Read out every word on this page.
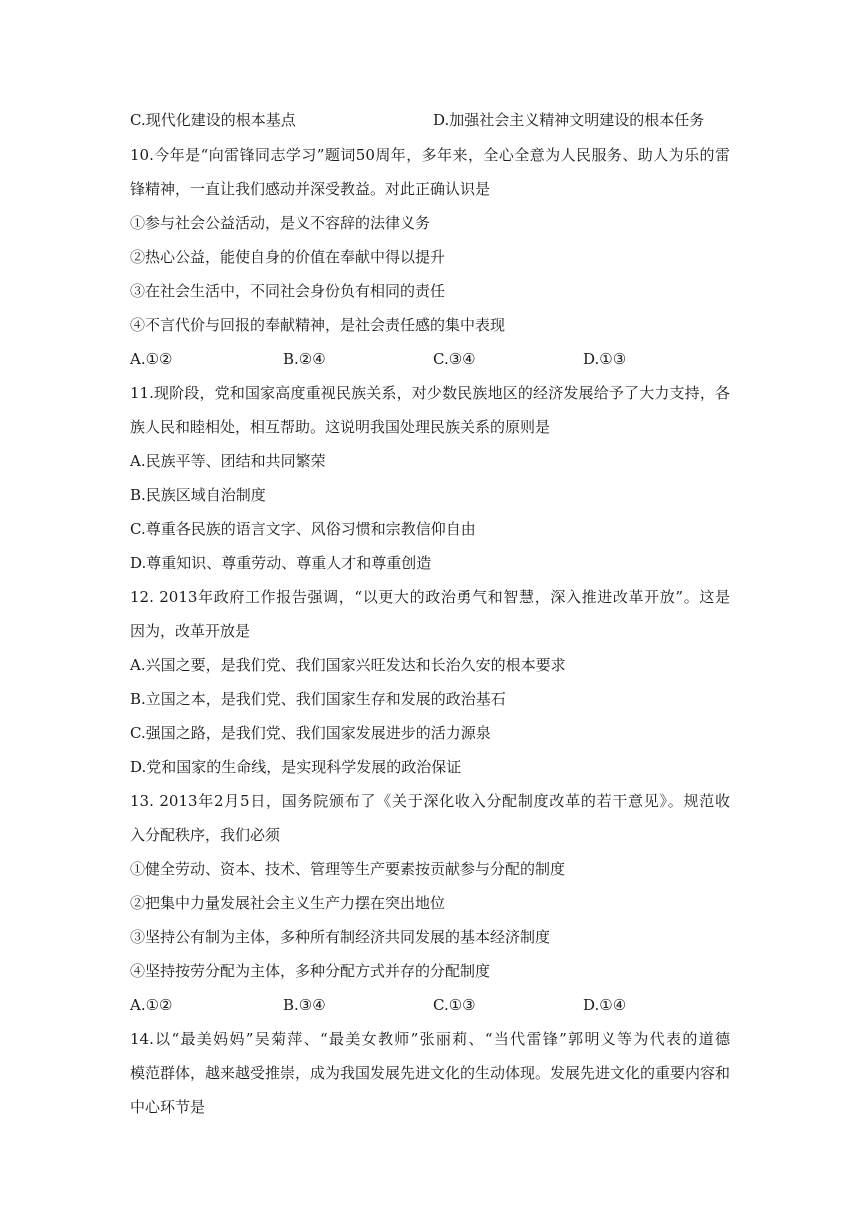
C.现代化建设的根本基点	D.加强社会主义精神文明建设的根本任务
10.今年是“向雷锋同志学习”题词50周年，多年来，全心全意为人民服务、助人为乐的雷
锋精神，一直让我们感动并深受教益。对此正确认识是
①参与社会公益活动，是义不容辞的法律义务
②热心公益，能使自身的价值在奉献中得以提升
③在社会生活中，不同社会身份负有相同的责任
④不言代价与回报的奉献精神，是社会责任感的集中表现
A.①②	B.②④	C.③④	D.①③
11.现阶段，党和国家高度重视民族关系，对少数民族地区的经济发展给予了大力支持，各
族人民和睦相处，相互帮助。这说明我国处理民族关系的原则是
A.民族平等、团结和共同繁荣
B.民族区域自治制度
C.尊重各民族的语言文字、风俗习惯和宗教信仰自由
D.尊重知识、尊重劳动、尊重人才和尊重创造
12. 2013年政府工作报告强调，“以更大的政治勇气和智慧，深入推进改革开放”。这是
因为，改革开放是
A.兴国之要，是我们党、我们国家兴旺发达和长治久安的根本要求
B.立国之本，是我们党、我们国家生存和发展的政治基石
C.强国之路，是我们党、我们国家发展进步的活力源泉
D.党和国家的生命线，是实现科学发展的政治保证
13. 2013年2月5日，国务院颁布了《关于深化收入分配制度改革的若干意见》。规范收
入分配秩序，我们必须
①健全劳动、资本、技术、管理等生产要素按贡献参与分配的制度
②把集中力量发展社会主义生产力摆在突出地位
③坚持公有制为主体，多种所有制经济共同发展的基本经济制度
④坚持按劳分配为主体，多种分配方式并存的分配制度
A.①②	B.③④	C.①③	D.①④
14.以“最美妈妈”吴菊萍、“最美女教师”张丽莉、“当代雷锋”郭明义等为代表的道德
模范群体，越来越受推崇，成为我国发展先进文化的生动体现。发展先进文化的重要内容和
中心环节是
